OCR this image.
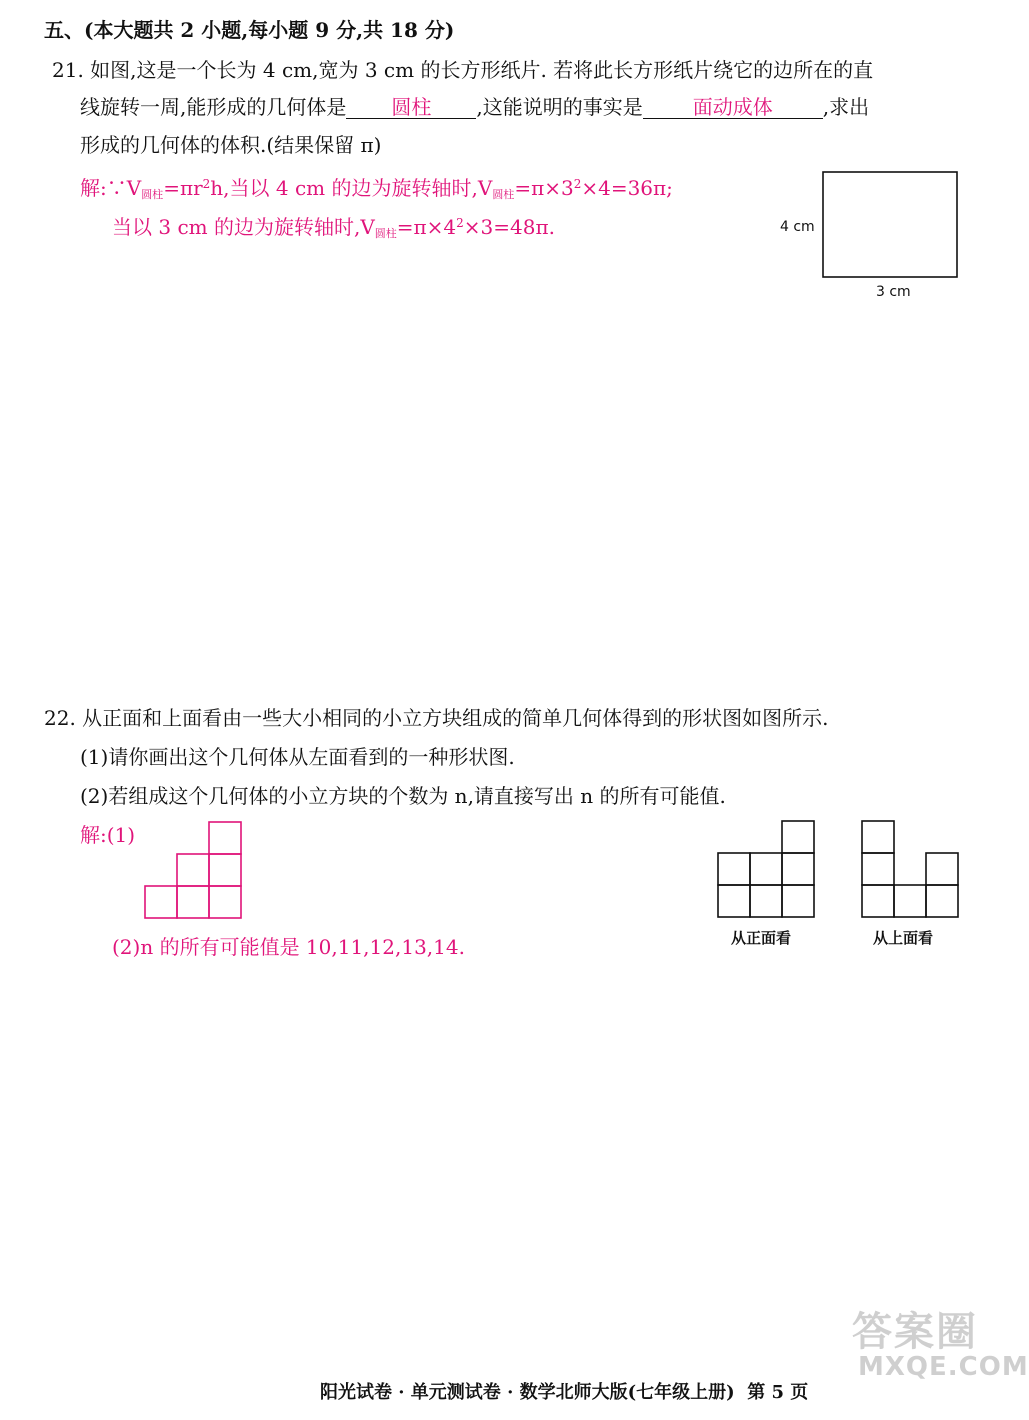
五、(本大题共 2 小题,每小题 9 分,共 18 分)
21. 如图,这是一个长为 4 cm,宽为 3 cm 的长方形纸片. 若将此长方形纸片绕它的边所在的直
线旋转一周,能形成的几何体是 圆柱 ,这能说明的事实是	面动成体	,求出
形成的几何体的体积.(结果保留 π)
解$:\because V_{圆柱}=\pi r^2h$,当以 4 cm 的边为旋转轴时$,V_{圆柱}=\pi\times 3^2\times 4=36\pi$;
当以 3 cm 的边为旋转轴时$,V_{圆柱}=\pi\times 4^2\times 3=48\pi$.	4 cm
3 cm
22. 从正面和上面看由一些大小相同的小立方块组成的简单几何体得到的形状图如图所示.
(1)请你画出这个几何体从左面看到的一种形状图.
(2)若组成这个几何体的小立方块的个数为 n,请直接写出 n 的所有可能值.
解:(1)
(2)n 的所有可能值是 10,11,12,13,14.	从正面看	从上面看
答案圈
MXQE.COM
阳光试卷 · 单元测试卷 · 数学北师大版(七年级上册) 第 5 页
